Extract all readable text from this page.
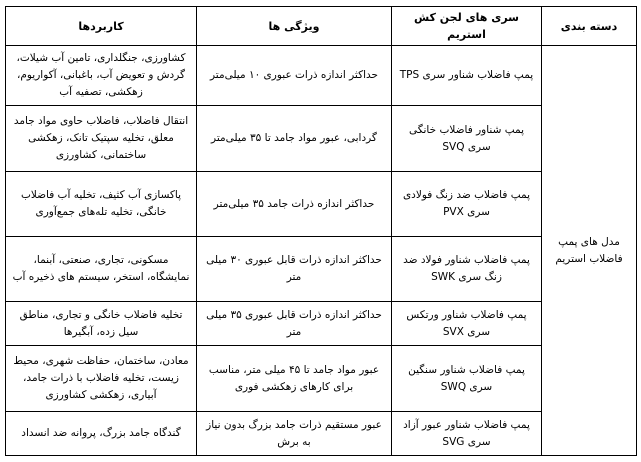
دسته بندی	سری های لجن کش استریم	ویژگی ها	کاربردها
مدل های پمپ فاضلاب استریم	پمپ فاضلاب شناور سری TPS	حداکثر اندازه ذرات عبوری ۱۰ میلی‌متر	کشاورزی، جنگلداری، تامین آب شیلات، گردش و تعویض آب، باغبانی، آکواریوم، زهکشی، تصفیه آب
	پمپ شناور فاضلاب خانگی سری SVQ	گردابی، عبور مواد جامد تا ۳۵ میلی‌متر	انتقال فاضلاب، فاضلاب حاوی مواد جامد معلق، تخلیه سپتیک تانک، زهکشی ساختمانی، کشاورزی
	پمپ فاضلاب ضد زنگ فولادی سری PVX	حداکثر اندازه ذرات جامد ۳۵ میلی‌متر	پاکسازی آب کثیف، تخلیه آب فاضلاب خانگی، تخلیه تله‌های جمع‌آوری
	پمپ فاضلاب شناور فولاد ضد زنگ سری SWK	حداکثر اندازه ذرات قابل عبوری ۳۰ میلی متر	مسکونی، تجاری، صنعتی، آبنما، نمایشگاه، استخر، سیستم های ذخیره آب
	پمپ فاضلاب شناور ورتکس سری SVX	حداکثر اندازه ذرات قابل عبوری ۳۵ میلی متر	تخلیه فاضلاب خانگی و تجاری، مناطق سیل زده، آبگیرها
	پمپ فاضلاب شناور سنگین سری SWQ	عبور مواد جامد تا ۴۵ میلی متر، مناسب برای کارهای زهکشی فوری	معادن، ساختمان، حفاظت شهری، محیط زیست، تخلیه فاضلاب با ذرات جامد، آبیاری، زهکشی کشاورزی
	پمپ فاضلاب شناور عبور آزاد سری SVG	عبور مستقیم ذرات جامد بزرگ بدون نیاز به برش	گندگاه جامد بزرگ، پروانه ضد انسداد
